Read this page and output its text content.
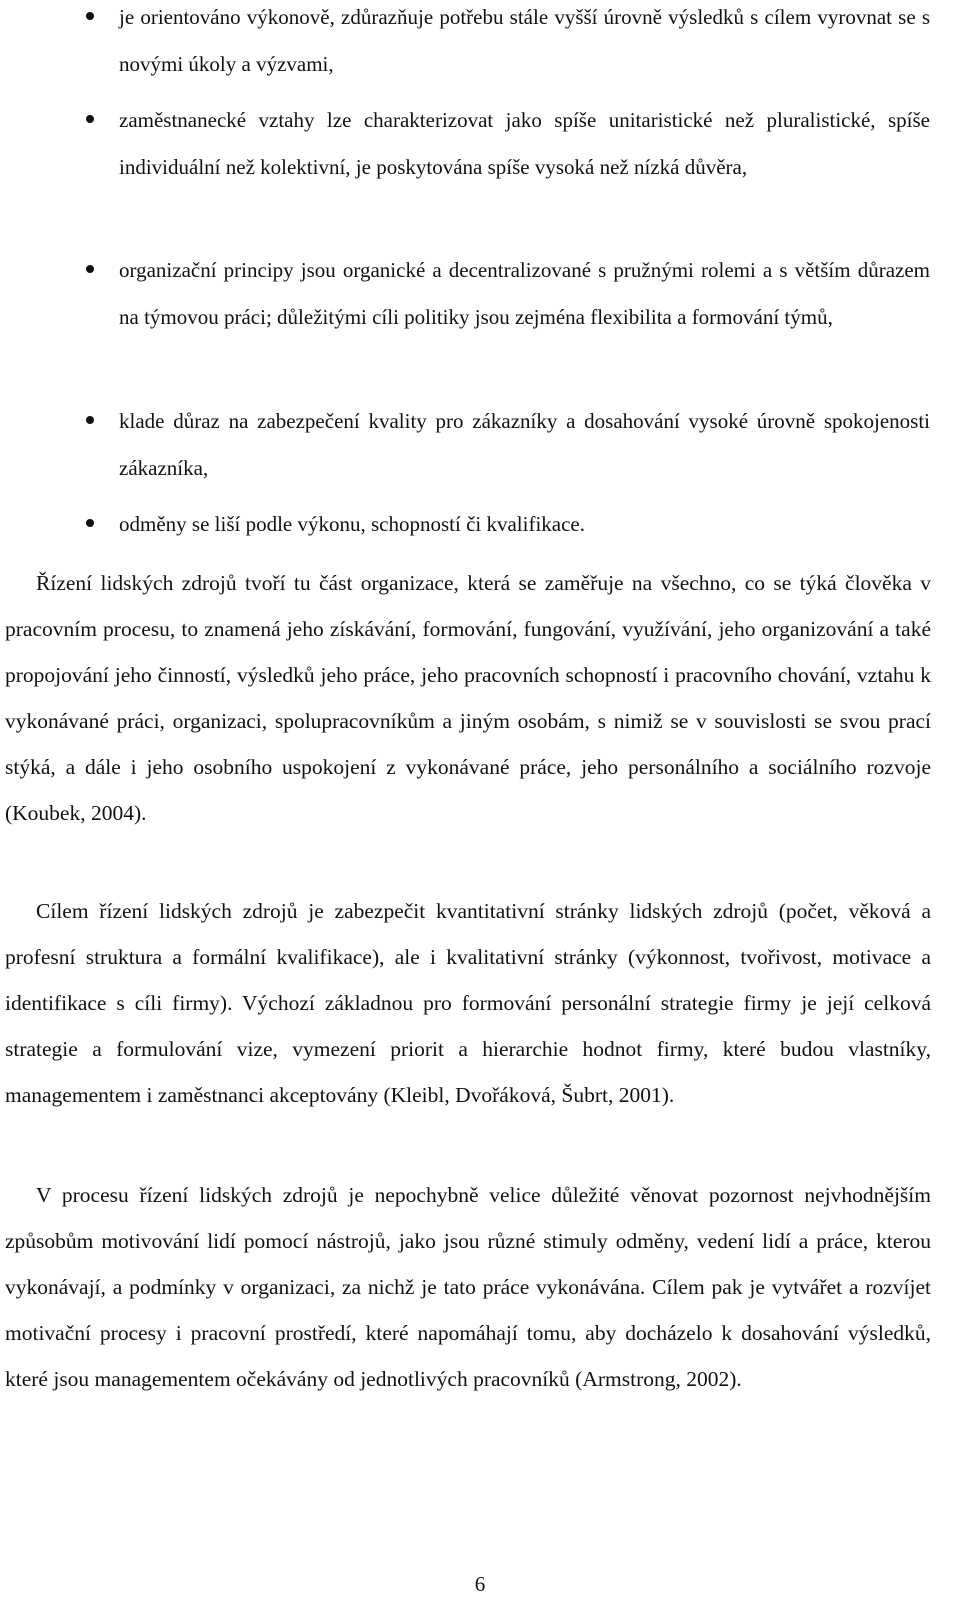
je orientováno výkonově, zdůrazňuje potřebu stále vyšší úrovně výsledků s cílem vyrovnat se s novými úkoly a výzvami,

zaměstnanecké vztahy lze charakterizovat jako spíše unitaristické než pluralistické, spíše individuální než kolektivní, je poskytována spíše vysoká než nízká důvěra,

organizační principy jsou organické a decentralizované s pružnými rolemi a s větším důrazem na týmovou práci; důležitými cíli politiky jsou zejména flexibilita a formování týmů,

klade důraz na zabezpečení kvality pro zákazníky a dosahování vysoké úrovně spokojenosti zákazníka,

odměny se liší podle výkonu, schopností či kvalifikace.

Řízení lidských zdrojů tvoří tu část organizace, která se zaměřuje na všechno, co se týká člověka v pracovním procesu, to znamená jeho získávání, formování, fungování, využívání, jeho organizování a také propojování jeho činností, výsledků jeho práce, jeho pracovních schopností i pracovního chování, vztahu k vykonávané práci, organizaci, spolupracovníkům a jiným osobám, s nimiž se v souvislosti se svou prací stýká, a dále i jeho osobního uspokojení z vykonávané práce, jeho personálního a sociálního rozvoje (Koubek, 2004).

Cílem řízení lidských zdrojů je zabezpečit kvantitativní stránky lidských zdrojů (počet, věková a profesní struktura a formální kvalifikace), ale i kvalitativní stránky (výkonnost, tvořivost, motivace a identifikace s cíli firmy). Výchozí základnou pro formování personální strategie firmy je její celková strategie a formulování vize, vymezení priorit a hierarchie hodnot firmy, které budou vlastníky, managementem i zaměstnanci akceptovány (Kleibl, Dvořáková, Šubrt, 2001).

V procesu řízení lidských zdrojů je nepochybně velice důležité věnovat pozornost nejvhodnějším způsobům motivování lidí pomocí nástrojů, jako jsou různé stimuly odměny, vedení lidí a práce, kterou vykonávají, a podmínky v organizaci, za nichž je tato práce vykonávána. Cílem pak je vytvářet a rozvíjet motivační procesy i pracovní prostředí, které napomáhají tomu, aby docházelo k dosahování výsledků, které jsou managementem očekávány od jednotlivých pracovníků (Armstrong, 2002).

6
